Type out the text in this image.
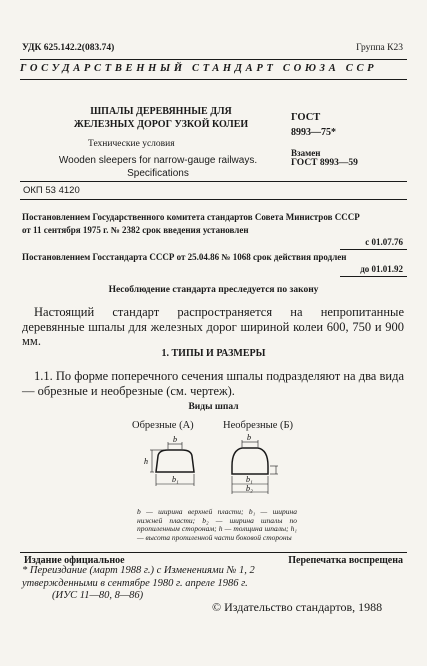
УДК 625.142.2(083.74)	Группа К23
ГОСУДАРСТВЕННЫЙ СТАНДАРТ СОЮЗА ССР
ШПАЛЫ ДЕРЕВЯННЫЕ ДЛЯ ЖЕЛЕЗНЫХ ДОРОГ УЗКОЙ КОЛЕИ
Технические условия
Wooden sleepers for narrow-gauge railways. Specifications
ГОСТ
8993—75*
Взамен
ГОСТ 8993—59
ОКП 53 4120
Постановлением Государственного комитета стандартов Совета Министров СССР
от 11 сентября 1975 г. № 2382 срок введения установлен
с 01.07.76
Постановлением Госстандарта СССР от 25.04.86 № 1068 срок действия продлен
до 01.01.92
Несоблюдение стандарта преследуется по закону
Настоящий стандарт распространяется на непропитанные деревянные шпалы для железных дорог шириной колеи 600, 750 и 900 мм.
1. ТИПЫ И РАЗМЕРЫ
1.1. По форме поперечного сечения шпалы подразделяют на два вида — обрезные и необрезные (см. чертеж).
Виды шпал
Обрезные (А)	Необрезные (Б)
b
h
b₁
b
b₁
b₂
b — ширина верхней пласти; b₁ — ширина нижней пласти; b₂ — ширина шпалы по пропиленным сторонам; h — толщина шпалы; h₁ — высота пропиленной части боковой стороны
Издание официальное	Перепечатка воспрещена
* Переиздание (март 1988 г.) с Изменениями № 1, 2
утвержденными в сентябре 1980 г. апреле 1986 г.
(ИУС 11—80, 8—86)
© Издательство стандартов, 1988
